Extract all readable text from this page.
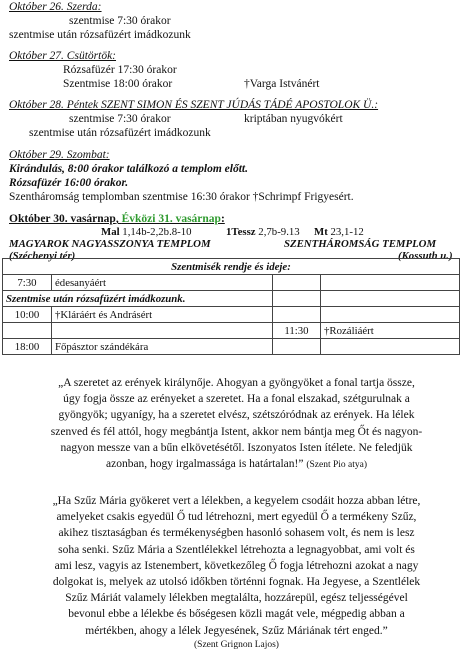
Október 26. Szerda:
szentmise 7:30 órakor
szentmise után rózsafüzért imádkozunk
Október 27. Csütörtök:
Rózsafüzér 17:30 órakor
Szentmise 18:00 órakor	†Varga Istvánért
Október 28. Péntek SZENT SIMON ÉS SZENT JÚDÁS TÁDÉ APOSTOLOK Ü.:
szentmise 7:30 órakor	kriptában nyugvókért
szentmise után rózsafüzért imádkozunk
Október 29. Szombat:
Kirándulás, 8:00 órakor találkozó a templom előtt.
Rózsafüzér 16:00 órakor.
Szentháromság templomban szentmise 16:30 órakor †Schrimpf Frigyesért.
Október 30. vasárnap, Évközi 31. vasárnap:
Mal 1,14b-2,2b.8-10	1Tessz 2,7b-9.13 Mt 23,1-12
MAGYAROK NAGYASSZONYA TEMPLOM	SZENTHÁROMSÁG TEMPLOM
(Széchenyi tér)	(Kossuth u.)
Szentmisék rendje és ideje:			
7:30	édesanyáért		
Szentmise után rózsafüzért imádkozunk.			
10:00	†Kláráért és Andrásért		
		11:30	†Rozáliáért
18:00	Főpásztor szándékára		
„A szeretet az erények királynője. Ahogyan a gyöngyöket a fonal tartja össze,
úgy fogja össze az erényeket a szeretet. Ha a fonal elszakad, szétgurulnak a
gyöngyök; ugyanígy, ha a szeretet elvész, szétszóródnak az erények. Ha lélek
szenved és fél attól, hogy megbántja Istent, akkor nem bántja meg Őt és nagyon-
nagyon messze van a bűn elkövetésétől. Iszonyatos Isten ítélete. Ne feledjük
azonban, hogy irgalmassága is határtalan!” (Szent Pio atya)
„Ha Szűz Mária gyökeret vert a lélekben, a kegyelem csodáit hozza abban létre,
amelyeket csakis egyedül Ő tud létrehozni, mert egyedül Ő a termékeny Szűz,
akihez tisztaságban és termékenységben hasonló sohasem volt, és nem is lesz
soha senki. Szűz Mária a Szentlélekkel létrehozta a legnagyobbat, ami volt és
ami lesz, vagyis az Istenembert, következőleg Ő fogja létrehozni azokat a nagy
dolgokat is, melyek az utolsó időkben történni fognak. Ha Jegyese, a Szentlélek
Szűz Máriát valamely lélekben megtalálta, hozzárepül, egész teljességével
bevonul ebbe a lélekbe és bőségesen közli magát vele, mégpedig abban a
mértékben, ahogy a lélek Jegyesének, Szűz Máriának tért enged.”
(Szent Grignon Lajos)
